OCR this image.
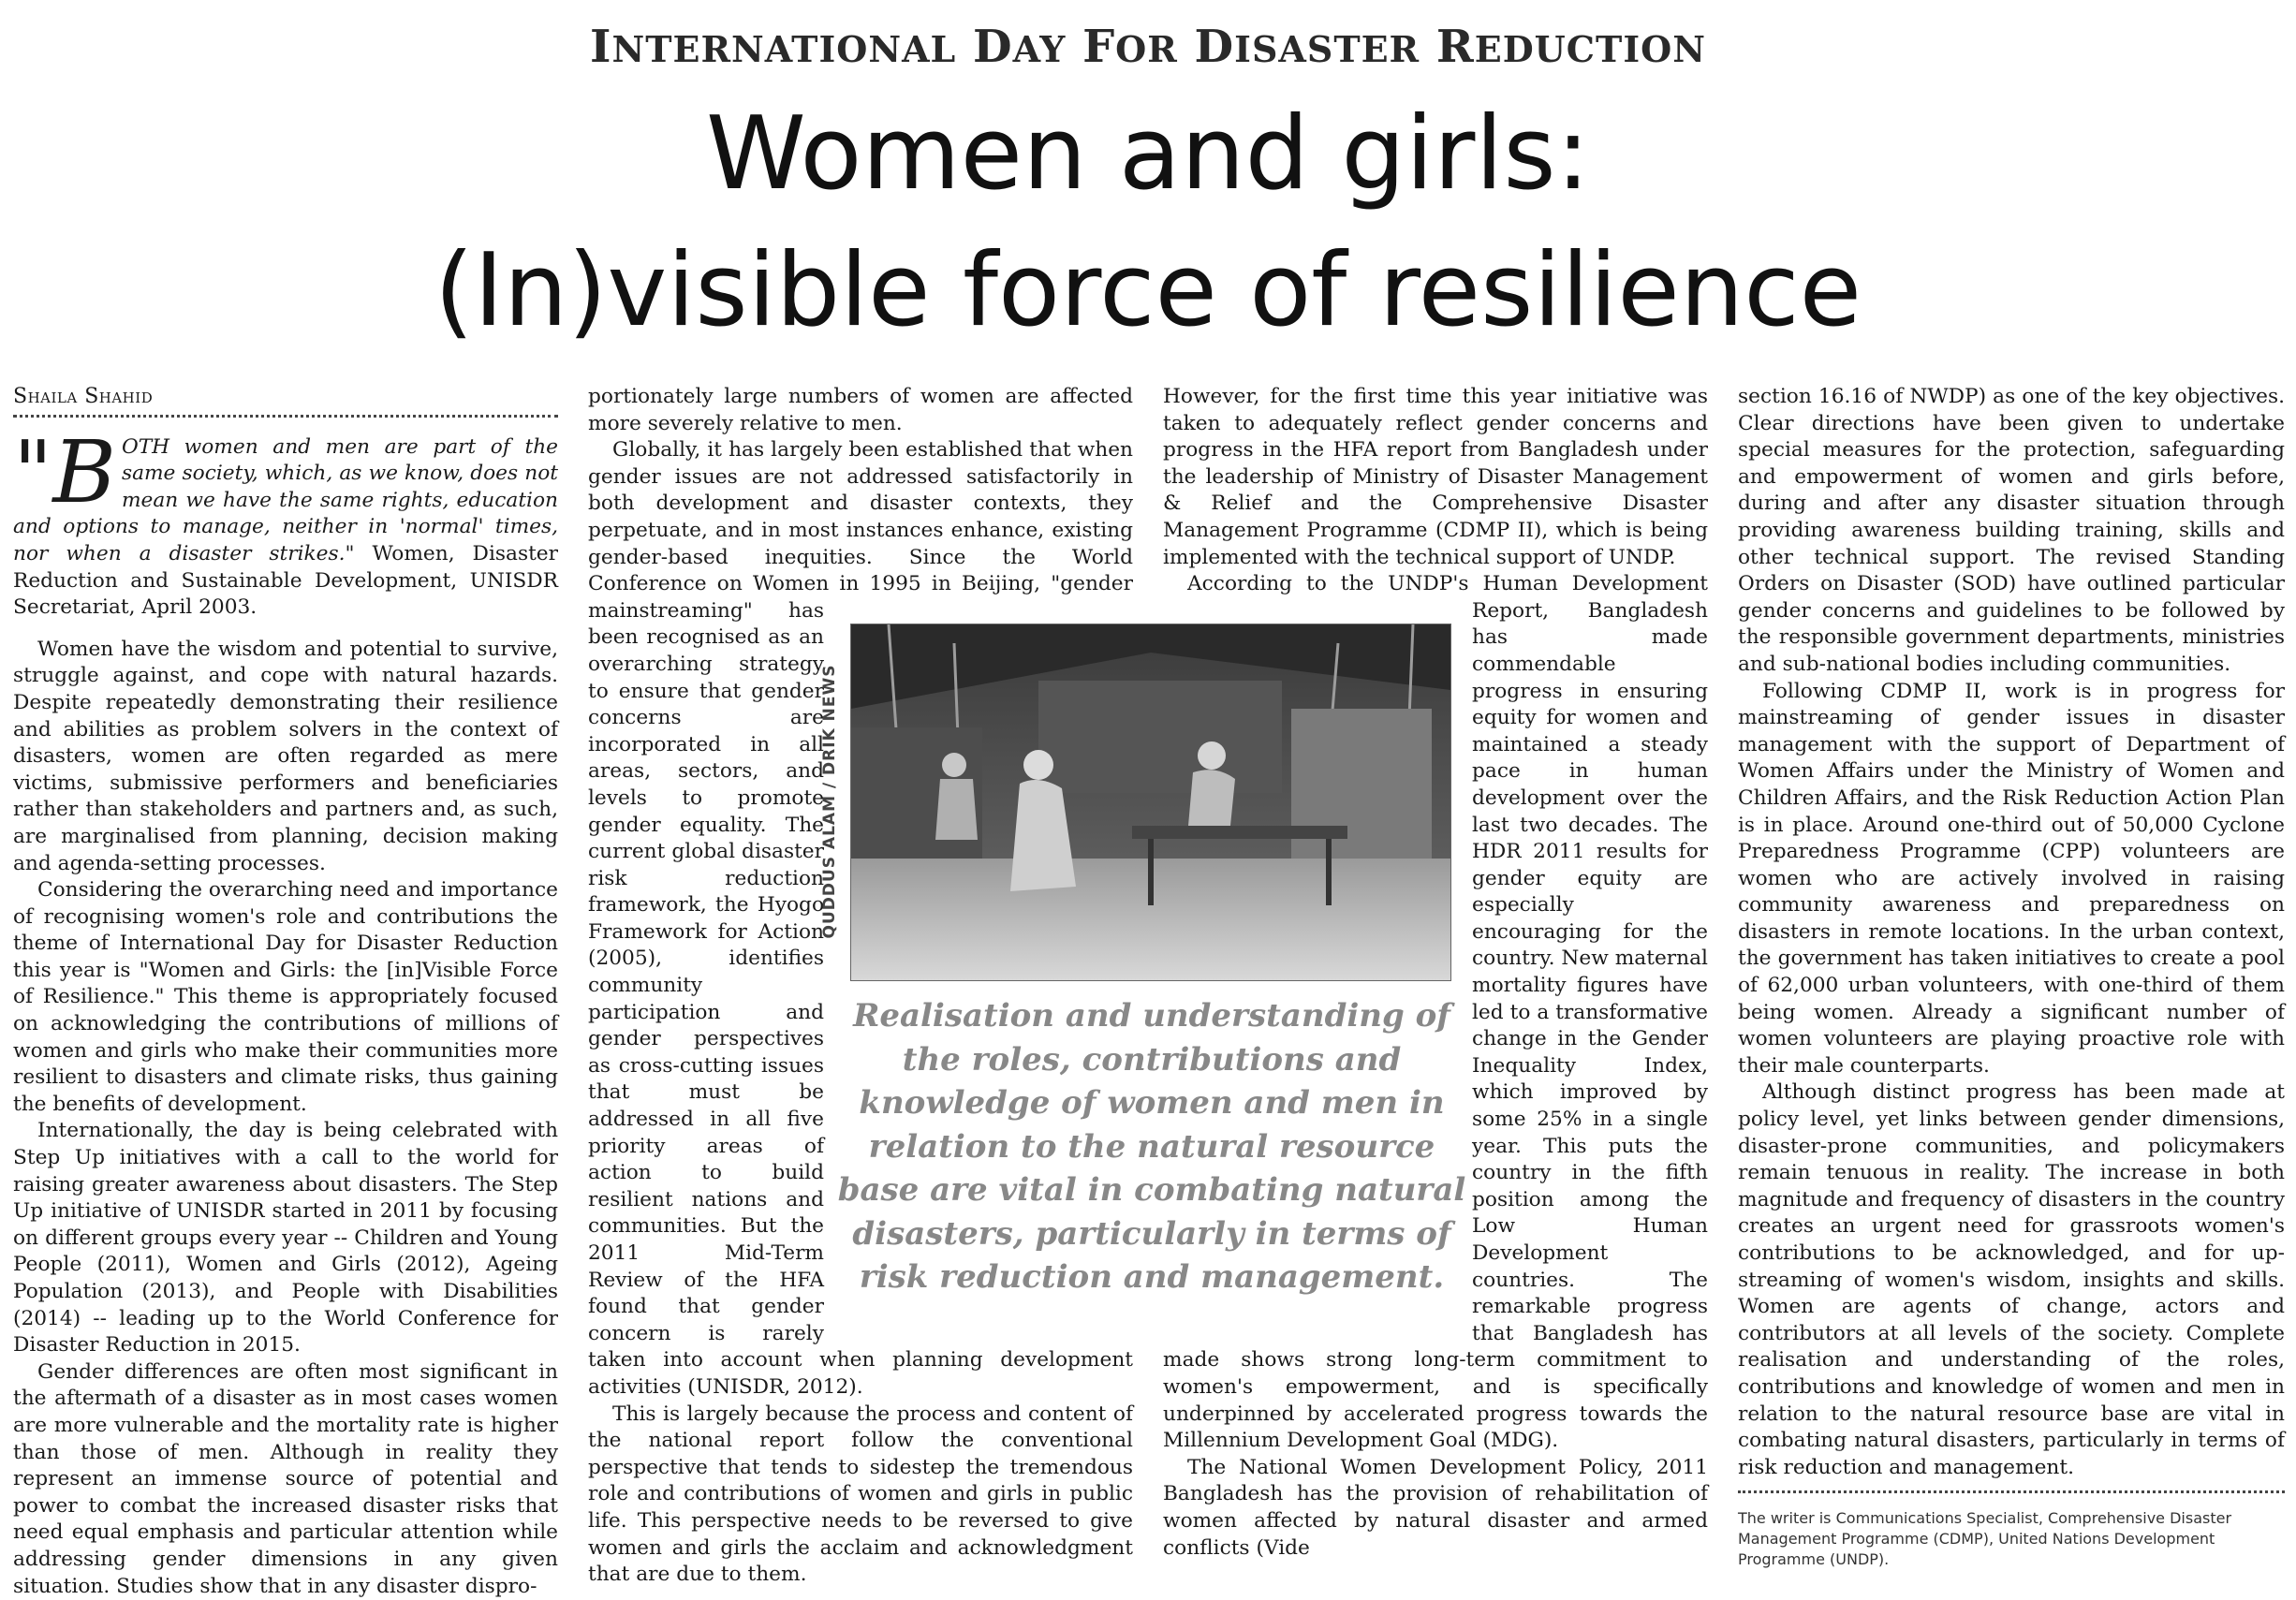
INTERNATIONAL DAY FOR DISASTER REDUCTION
Women and girls:
(In)visible force of resilience
Shaila Shahid

"BOTH women and men are part of the same society, which, as we know, does not mean we have the same rights, education and options to manage, neither in 'normal' times, nor when a disaster strikes." Women, Disaster Reduction and Sustainable Development, UNISDR Secretariat, April 2003.

Women have the wisdom and potential to survive, struggle against, and cope with natural hazards. Despite repeatedly demonstrating their resilience and abilities as problem solvers in the context of disasters, women are often regarded as mere victims, submissive performers and beneficiaries rather than stakeholders and partners and, as such, are marginalised from planning, decision making and agenda-setting processes.

Considering the overarching need and importance of recognising women's role and contributions the theme of International Day for Disaster Reduction this year is "Women and Girls: the [in]Visible Force of Resilience." This theme is appropriately focused on acknowledging the contributions of millions of women and girls who make their communities more resilient to disasters and climate risks, thus gaining the benefits of development.

Internationally, the day is being celebrated with Step Up initiatives with a call to the world for raising greater awareness about disasters. The Step Up initiative of UNISDR started in 2011 by focusing on different groups every year -- Children and Young People (2011), Women and Girls (2012), Ageing Population (2013), and People with Disabilities (2014) -- leading up to the World Conference for Disaster Reduction in 2015.

Gender differences are often most significant in the aftermath of a disaster as in most cases women are more vulnerable and the mortality rate is higher than those of men. Although in reality they represent an immense source of potential and power to combat the increased disaster risks that need equal emphasis and particular attention while addressing gender dimensions in any given situation. Studies show that in any disaster dispro-

portionately large numbers of women are affected more severely relative to men.

Globally, it has largely been established that when gender issues are not addressed satisfactorily in both development and disaster contexts, they perpetuate, and in most instances enhance, existing gender-based inequities. Since the World Conference on Women in 1995 in Beijing, "gender mainstreaming" has been recognised as an overarching strategy to ensure that gender concerns are incorporated in all areas, sectors, and levels to promote gender equality. The current global disaster risk reduction framework, the Hyogo Framework for Action (2005), identifies community participation and gender perspectives as cross-cutting issues that must be addressed in all five priority areas of action to build resilient nations and communities. But the 2011 Mid-Term Review of the HFA found that gender concern is rarely taken into account when planning development activities (UNISDR, 2012).

This is largely because the process and content of the national report follow the conventional perspective that tends to sidestep the tremendous role and contributions of women and girls in public life. This perspective needs to be reversed to give women and girls the acclaim and acknowledgment that are due to them.

However, for the first time this year initiative was taken to adequately reflect gender concerns and progress in the HFA report from Bangladesh under the leadership of Ministry of Disaster Management & Relief and the Comprehensive Disaster Management Programme (CDMP II), which is being implemented with the technical support of UNDP.

According to the UNDP's Human Development Report, Bangladesh has made commendable progress in ensuring equity for women and maintained a steady pace in human development over the last two decades. The HDR 2011 results for gender equity are especially encouraging for the country. New maternal mortality figures have led to a transformative change in the Gender Inequality Index, which improved by some 25% in a single year. This puts the country in the fifth position among the Low Human Development countries. The remarkable progress that Bangladesh has made shows strong long-term commitment to women's empowerment, and is specifically underpinned by accelerated progress towards the Millennium Development Goal (MDG).

The National Women Development Policy, 2011 Bangladesh has the provision of rehabilitation of women affected by natural disaster and armed conflicts (Vide

section 16.16 of NWDP) as one of the key objectives. Clear directions have been given to undertake special measures for the protection, safeguarding and empowerment of women and girls before, during and after any disaster situation through providing awareness building training, skills and other technical support. The revised Standing Orders on Disaster (SOD) have outlined particular gender concerns and guidelines to be followed by the responsible government departments, ministries and sub-national bodies including communities.

Following CDMP II, work is in progress for mainstreaming of gender issues in disaster management with the support of Department of Women Affairs under the Ministry of Women and Children Affairs, and the Risk Reduction Action Plan is in place. Around one-third out of 50,000 Cyclone Preparedness Programme (CPP) volunteers are women who are actively involved in raising community awareness and preparedness on disasters in remote locations. In the urban context, the government has taken initiatives to create a pool of 62,000 urban volunteers, with one-third of them being women. Already a significant number of women volunteers are playing proactive role with their male counterparts.

Although distinct progress has been made at policy level, yet links between gender dimensions, disaster-prone communities, and policymakers remain tenuous in reality. The increase in both magnitude and frequency of disasters in the country creates an urgent need for grassroots women's contributions to be acknowledged, and for up-streaming of women's wisdom, insights and skills. Women are agents of change, actors and contributors at all levels of the society. Complete realisation and understanding of the roles, contributions and knowledge of women and men in relation to the natural resource base are vital in combating natural disasters, particularly in terms of risk reduction and management.

The writer is Communications Specialist, Comprehensive Disaster Management Programme (CDMP), United Nations Development Programme (UNDP).
QUDDUS ALAM / DRIK NEWS
Realisation and understanding of the roles, contributions and knowledge of women and men in relation to the natural resource base are vital in combating natural disasters, particularly in terms of risk reduction and management.
